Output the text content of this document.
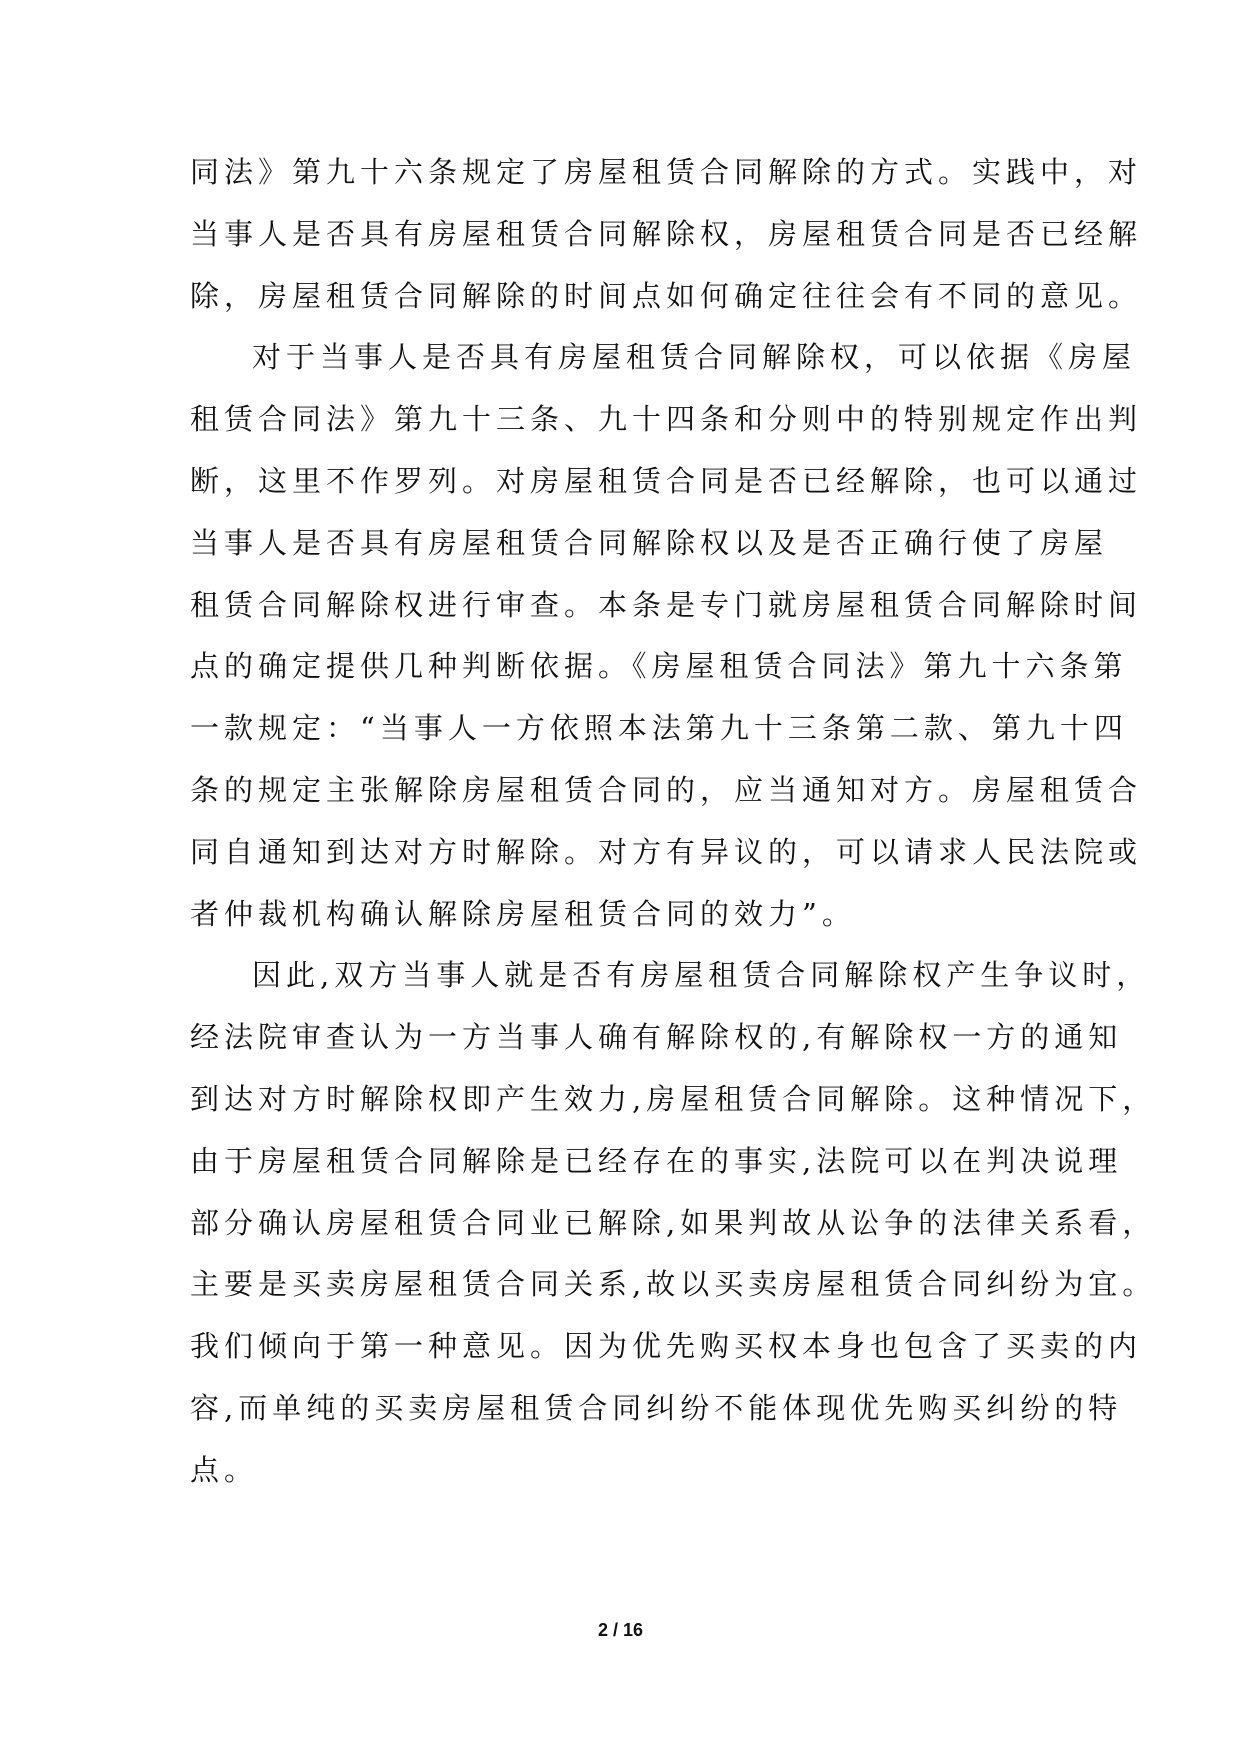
同法》第九十六条规定了房屋租赁合同解除的方式。实践中，对
当事人是否具有房屋租赁合同解除权，房屋租赁合同是否已经解
除，房屋租赁合同解除的时间点如何确定往往会有不同的意见。
对于当事人是否具有房屋租赁合同解除权，可以依据《房屋
租赁合同法》第九十三条、九十四条和分则中的特别规定作出判
断，这里不作罗列。对房屋租赁合同是否已经解除，也可以通过
当事人是否具有房屋租赁合同解除权以及是否正确行使了房屋
租赁合同解除权进行审查。本条是专门就房屋租赁合同解除时间
点的确定提供几种判断依据。《房屋租赁合同法》第九十六条第
一款规定：“当事人一方依照本法第九十三条第二款、第九十四
条的规定主张解除房屋租赁合同的，应当通知对方。房屋租赁合
同自通知到达对方时解除。对方有异议的，可以请求人民法院或
者仲裁机构确认解除房屋租赁合同的效力”。
因此,双方当事人就是否有房屋租赁合同解除权产生争议时，
经法院审查认为一方当事人确有解除权的,有解除权一方的通知
到达对方时解除权即产生效力,房屋租赁合同解除。这种情况下，
由于房屋租赁合同解除是已经存在的事实,法院可以在判决说理
部分确认房屋租赁合同业已解除,如果判故从讼争的法律关系看，
主要是买卖房屋租赁合同关系,故以买卖房屋租赁合同纠纷为宜。
我们倾向于第一种意见。因为优先购买权本身也包含了买卖的内
容,而单纯的买卖房屋租赁合同纠纷不能体现优先购买纠纷的特
点。
2 / 16
